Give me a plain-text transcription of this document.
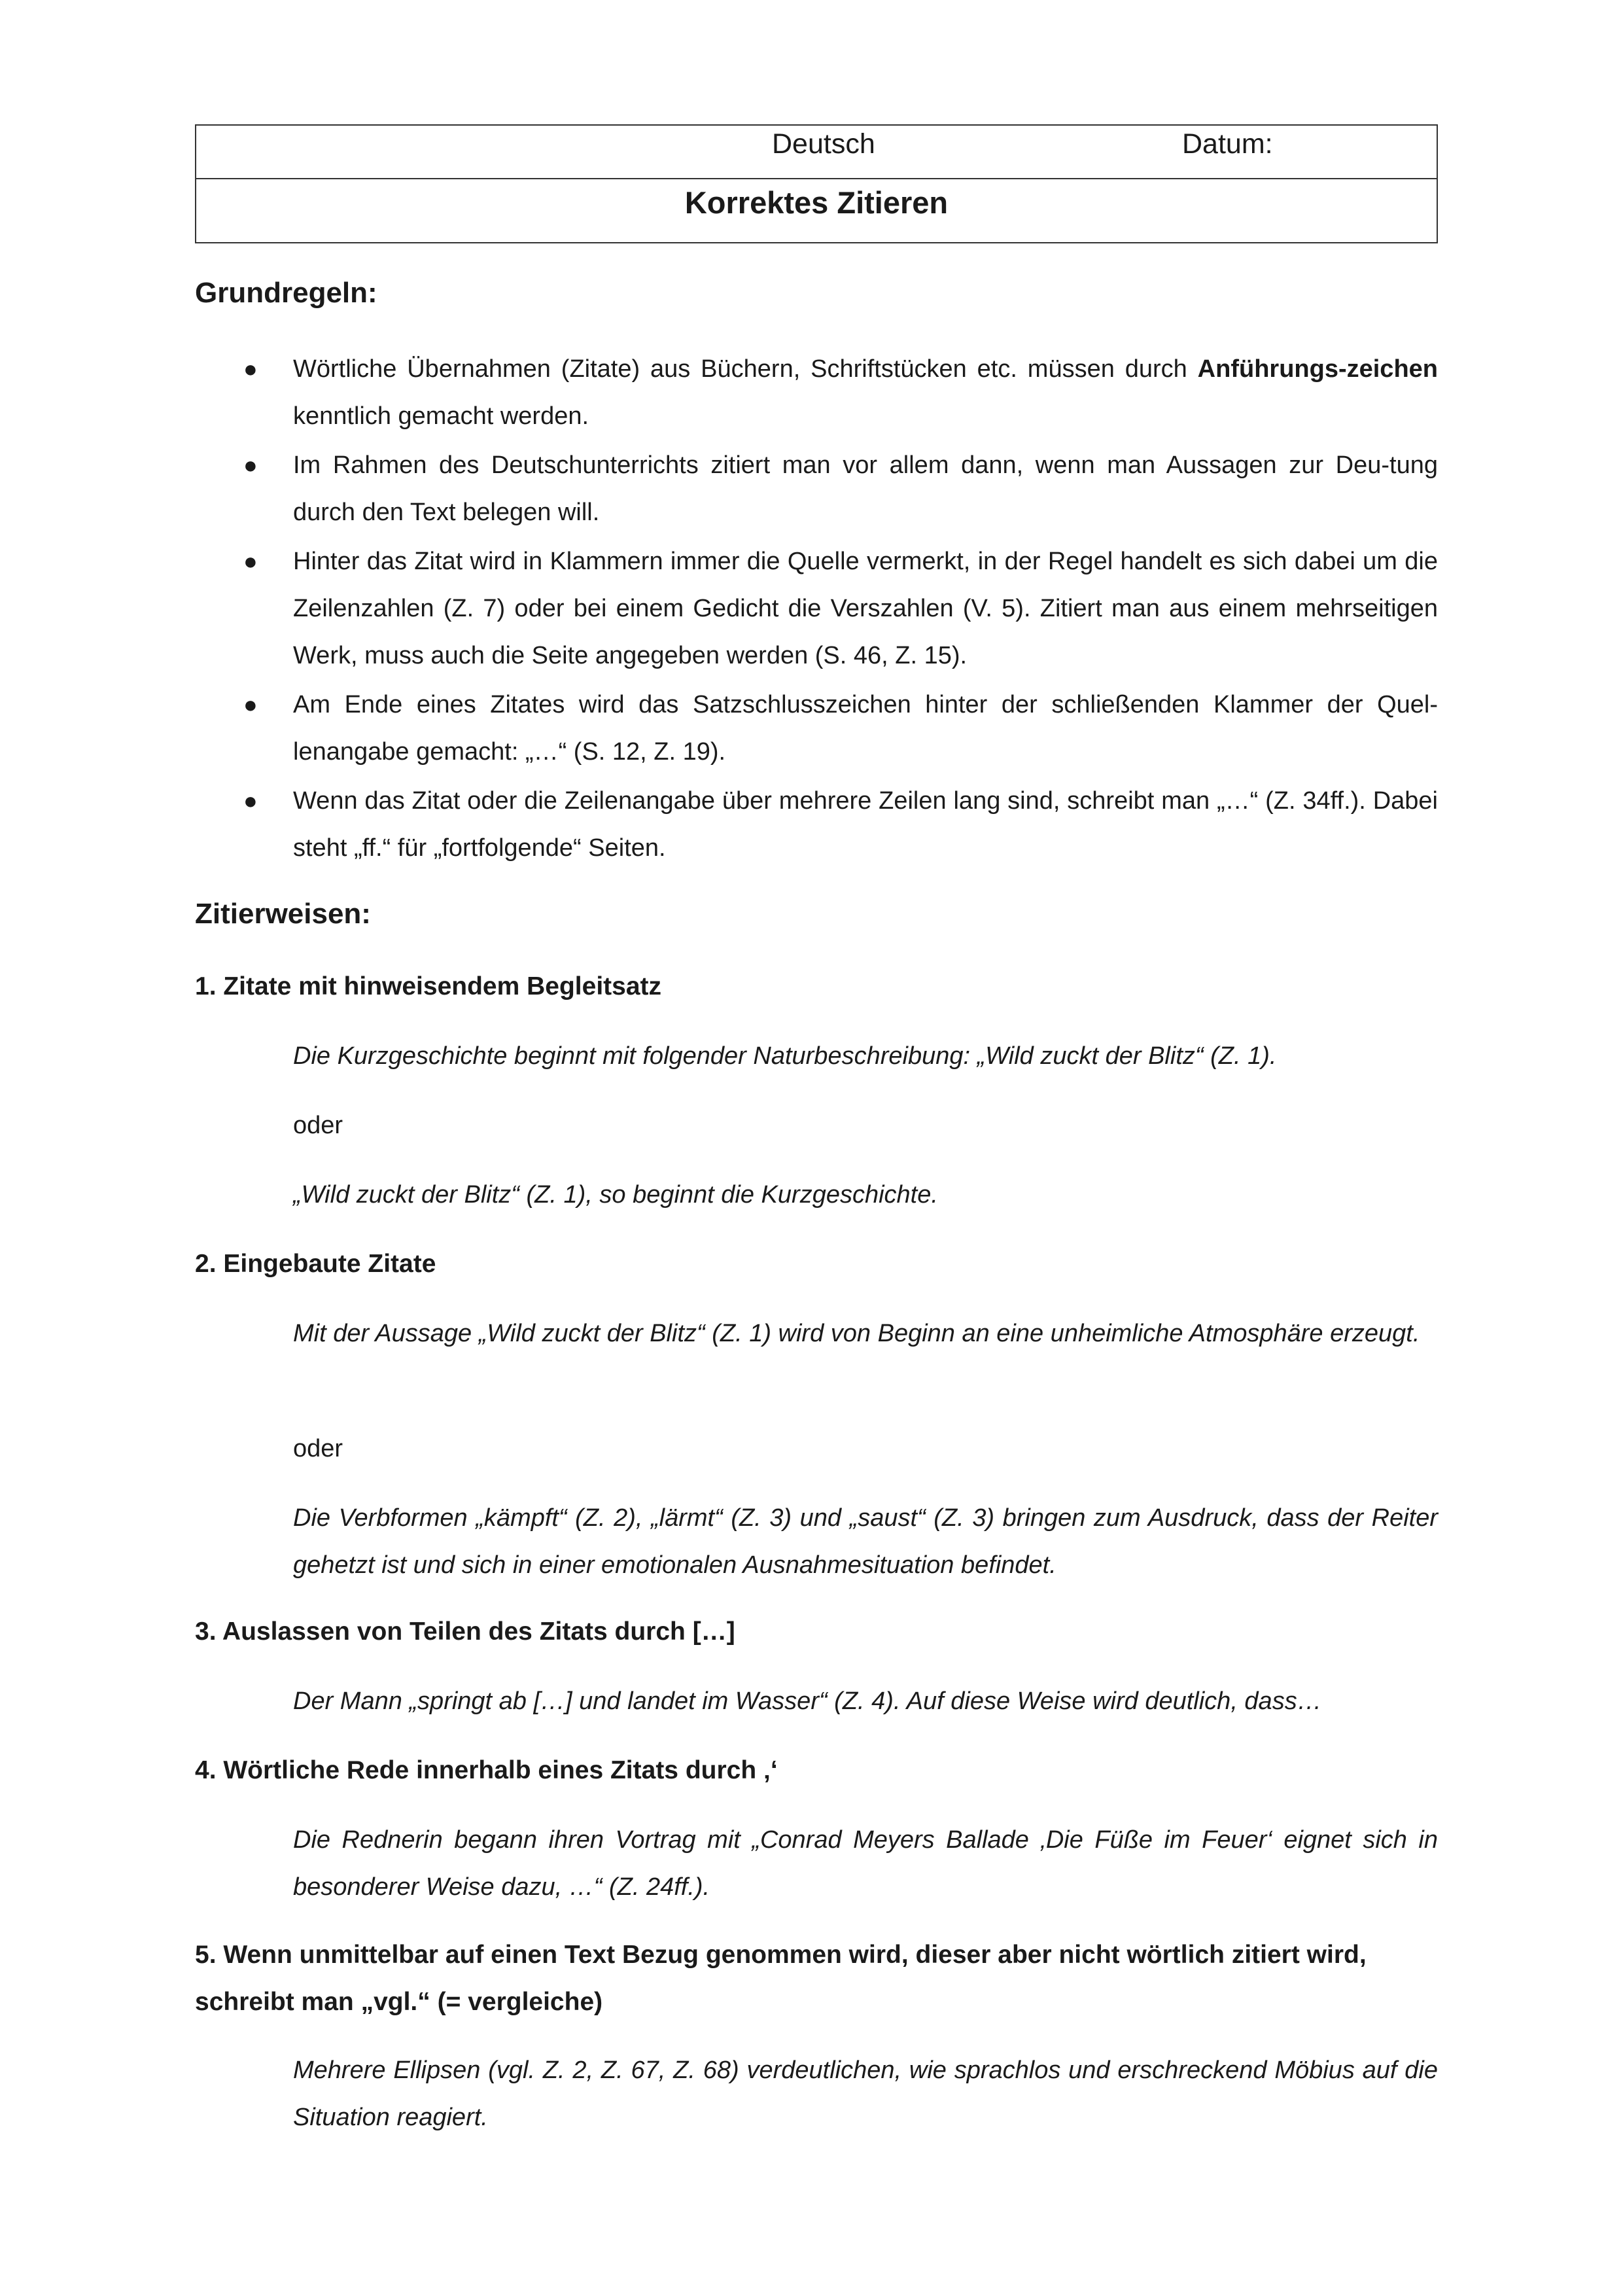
Deutsch	Datum:
Korrektes Zitieren
Grundregeln:
● Wörtliche Übernahmen (Zitate) aus Büchern, Schriftstücken etc. müssen durch Anführungs-zeichen kenntlich gemacht werden.
● Im Rahmen des Deutschunterrichts zitiert man vor allem dann, wenn man Aussagen zur Deu-tung durch den Text belegen will.
● Hinter das Zitat wird in Klammern immer die Quelle vermerkt, in der Regel handelt es sich dabei um die Zeilenzahlen (Z. 7) oder bei einem Gedicht die Verszahlen (V. 5). Zitiert man aus einem mehrseitigen Werk, muss auch die Seite angegeben werden (S. 46, Z. 15).
● Am Ende eines Zitates wird das Satzschlusszeichen hinter der schließenden Klammer der Quel-lenangabe gemacht: „…“ (S. 12, Z. 19).
● Wenn das Zitat oder die Zeilenangabe über mehrere Zeilen lang sind, schreibt man „…“ (Z. 34ff.). Dabei steht „ff.“ für „fortfolgende“ Seiten.
Zitierweisen:
1. Zitate mit hinweisendem Begleitsatz
Die Kurzgeschichte beginnt mit folgender Naturbeschreibung: „Wild zuckt der Blitz“ (Z. 1).
oder
„Wild zuckt der Blitz“ (Z. 1), so beginnt die Kurzgeschichte.
2. Eingebaute Zitate
Mit der Aussage „Wild zuckt der Blitz“ (Z. 1) wird von Beginn an eine unheimliche Atmosphäre erzeugt.
oder
Die Verbformen „kämpft“ (Z. 2), „lärmt“ (Z. 3) und „saust“ (Z. 3) bringen zum Ausdruck, dass der Reiter gehetzt ist und sich in einer emotionalen Ausnahmesituation befindet.
3. Auslassen von Teilen des Zitats durch […]
Der Mann „springt ab […] und landet im Wasser“ (Z. 4). Auf diese Weise wird deutlich, dass…
4. Wörtliche Rede innerhalb eines Zitats durch ‚‘
Die Rednerin begann ihren Vortrag mit „Conrad Meyers Ballade ‚Die Füße im Feuer‘ eignet sich in besonderer Weise dazu, …“ (Z. 24ff.).
5. Wenn unmittelbar auf einen Text Bezug genommen wird, dieser aber nicht wörtlich zitiert wird, schreibt man „vgl.“ (= vergleiche)
Mehrere Ellipsen (vgl. Z. 2, Z. 67, Z. 68) verdeutlichen, wie sprachlos und erschreckend Möbius auf die Situation reagiert.
